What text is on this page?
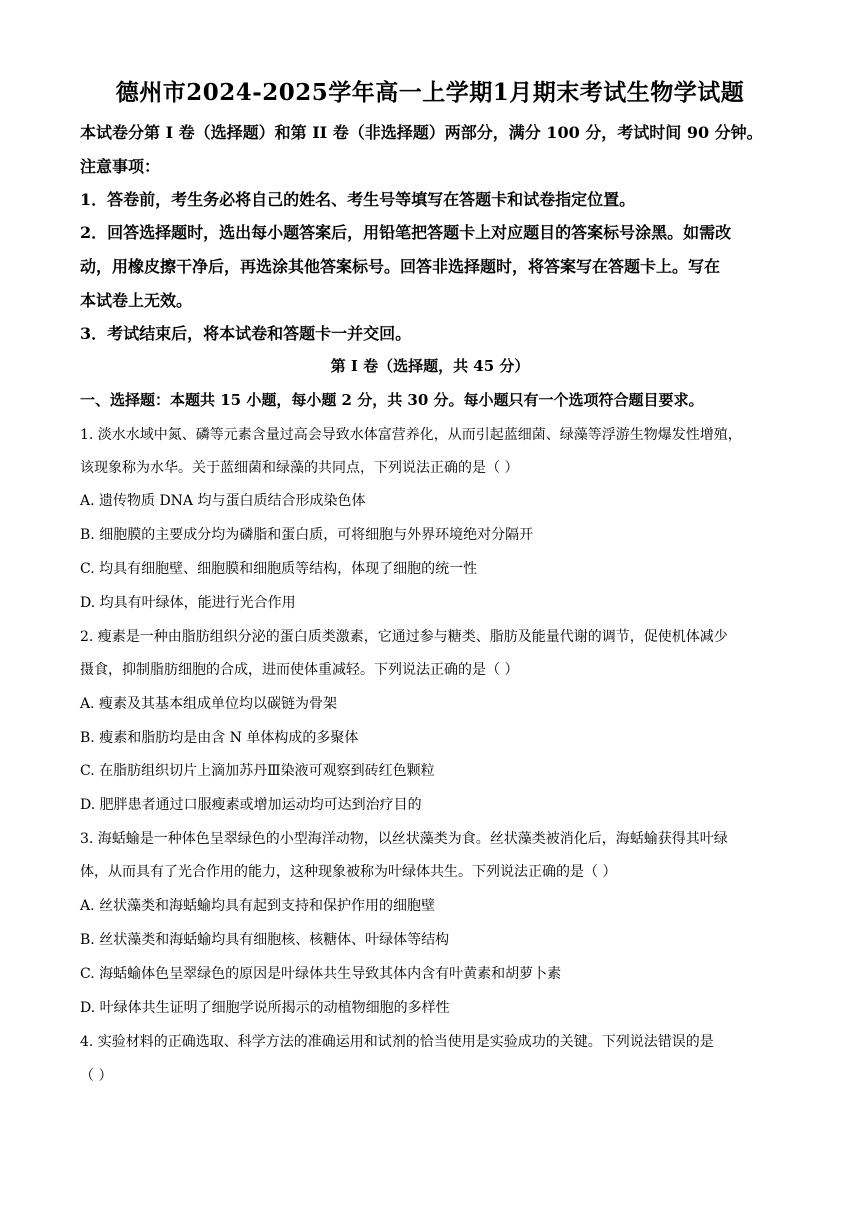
德州市2024-2025学年高一上学期1月期末考试生物学试题
本试卷分第 I 卷（选择题）和第 II 卷（非选择题）两部分，满分 100 分，考试时间 90 分钟。
注意事项：
1．答卷前，考生务必将自己的姓名、考生号等填写在答题卡和试卷指定位置。
2．回答选择题时，选出每小题答案后，用铅笔把答题卡上对应题目的答案标号涂黑。如需改
动，用橡皮擦干净后，再选涂其他答案标号。回答非选择题时，将答案写在答题卡上。写在
本试卷上无效。
3．考试结束后，将本试卷和答题卡一并交回。
第 I 卷（选择题，共 45 分）
一、选择题：本题共 15 小题，每小题 2 分，共 30 分。每小题只有一个选项符合题目要求。
1. 淡水水域中氮、磷等元素含量过高会导致水体富营养化，从而引起蓝细菌、绿藻等浮游生物爆发性增殖，
该现象称为水华。关于蓝细菌和绿藻的共同点，下列说法正确的是（ ）
A. 遗传物质 DNA 均与蛋白质结合形成染色体
B. 细胞膜的主要成分均为磷脂和蛋白质，可将细胞与外界环境绝对分隔开
C. 均具有细胞壁、细胞膜和细胞质等结构，体现了细胞的统一性
D. 均具有叶绿体，能进行光合作用
2. 瘦素是一种由脂肪组织分泌的蛋白质类激素，它通过参与糖类、脂肪及能量代谢的调节，促使机体减少
摄食，抑制脂肪细胞的合成，进而使体重减轻。下列说法正确的是（ ）
A. 瘦素及其基本组成单位均以碳链为骨架
B. 瘦素和脂肪均是由含 N 单体构成的多聚体
C. 在脂肪组织切片上滴加苏丹Ⅲ染液可观察到砖红色颗粒
D. 肥胖患者通过口服瘦素或增加运动均可达到治疗目的
3. 海蛞蝓是一种体色呈翠绿色的小型海洋动物，以丝状藻类为食。丝状藻类被消化后，海蛞蝓获得其叶绿
体，从而具有了光合作用的能力，这种现象被称为叶绿体共生。下列说法正确的是（ ）
A. 丝状藻类和海蛞蝓均具有起到支持和保护作用的细胞壁
B. 丝状藻类和海蛞蝓均具有细胞核、核糖体、叶绿体等结构
C. 海蛞蝓体色呈翠绿色的原因是叶绿体共生导致其体内含有叶黄素和胡萝卜素
D. 叶绿体共生证明了细胞学说所揭示的动植物细胞的多样性
4. 实验材料的正确选取、科学方法的准确运用和试剂的恰当使用是实验成功的关键。下列说法错误的是
（ ）
